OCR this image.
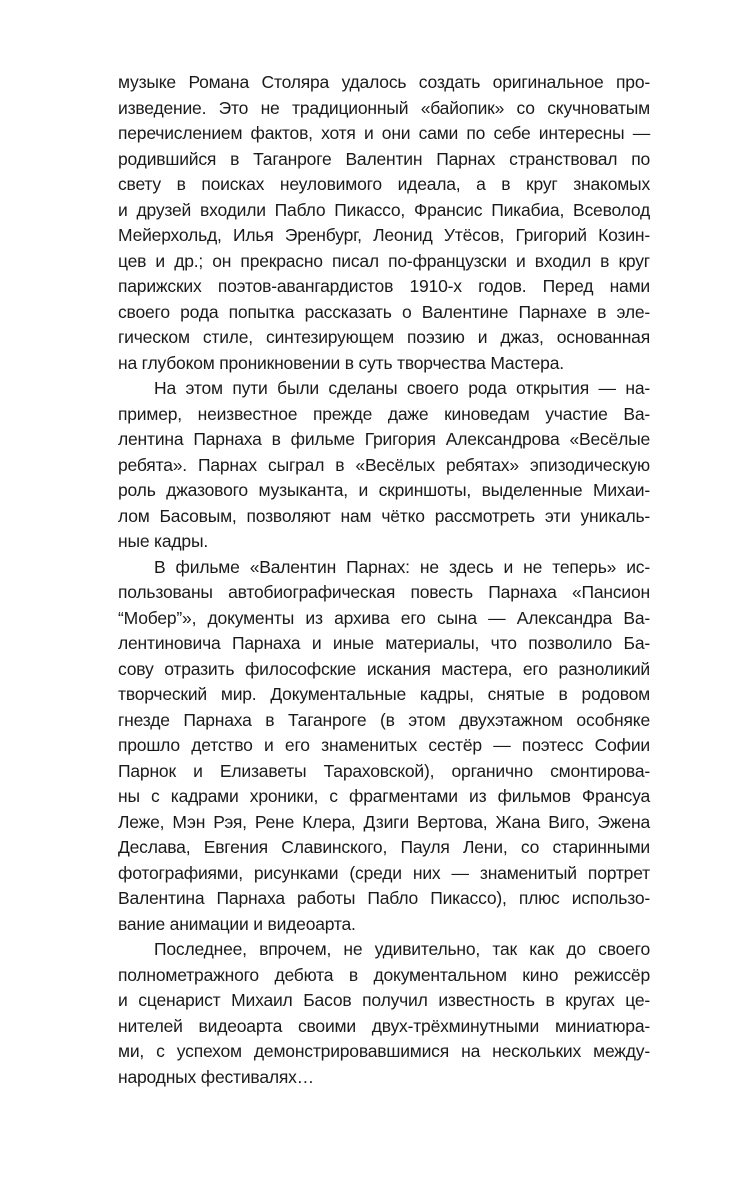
музыке Романа Столяра удалось создать оригинальное про-
изведение. Это не традиционный «байопик» со скучноватым
перечислением фактов, хотя и они сами по себе интересны —
родившийся в Таганроге Валентин Парнах странствовал по
свету в поисках неуловимого идеала, а в круг знакомых
и друзей входили Пабло Пикассо, Франсис Пикабиа, Всеволод
Мейерхольд, Илья Эренбург, Леонид Утёсов, Григорий Козин-
цев и др.; он прекрасно писал по-французски и входил в круг
парижских поэтов-авангардистов 1910-х годов. Перед нами
своего рода попытка рассказать о Валентине Парнахе в эле-
гическом стиле, синтезирующем поэзию и джаз, основанная
на глубоком проникновении в суть творчества Мастера.

На этом пути были сделаны своего рода открытия — на-
пример, неизвестное прежде даже киноведам участие Ва-
лентина Парнаха в фильме Григория Александрова «Весёлые
ребята». Парнах сыграл в «Весёлых ребятах» эпизодическую
роль джазового музыканта, и скриншоты, выделенные Михаи-
лом Басовым, позволяют нам чётко рассмотреть эти уникаль-
ные кадры.

В фильме «Валентин Парнах: не здесь и не теперь» ис-
пользованы автобиографическая повесть Парнаха «Пансион
“Мобер”», документы из архива его сына — Александра Ва-
лентиновича Парнаха и иные материалы, что позволило Ба-
сову отразить философские искания мастера, его разноликий
творческий мир. Документальные кадры, снятые в родовом
гнезде Парнаха в Таганроге (в этом двухэтажном особняке
прошло детство и его знаменитых сестёр — поэтесс Софии
Парнок и Елизаветы Тараховской), органично смонтирова-
ны с кадрами хроники, с фрагментами из фильмов Франсуа
Леже, Мэн Рэя, Рене Клера, Дзиги Вертова, Жана Виго, Эжена
Деслава, Евгения Славинского, Пауля Лени, со старинными
фотографиями, рисунками (среди них — знаменитый портрет
Валентина Парнаха работы Пабло Пикассо), плюс использо-
вание анимации и видеоарта.

Последнее, впрочем, не удивительно, так как до своего
полнометражного дебюта в документальном кино режиссёр
и сценарист Михаил Басов получил известность в кругах це-
нителей видеоарта своими двух-трёхминутными миниатюра-
ми, с успехом демонстрировавшимися на нескольких между-
народных фестивалях…
